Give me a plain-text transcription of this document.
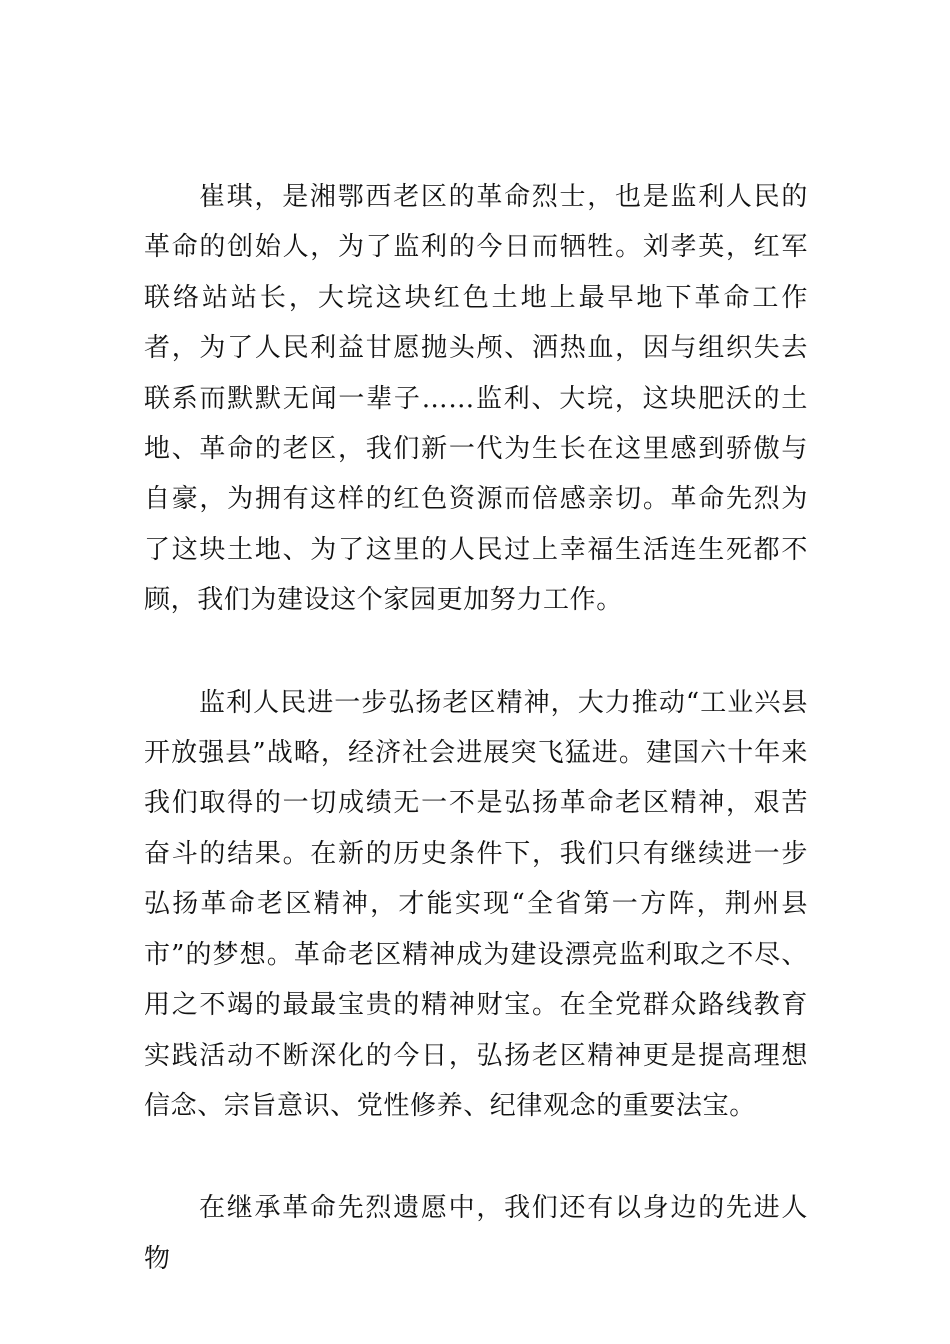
崔琪，是湘鄂西老区的革命烈士，也是监利人民的革命的创始人，为了监利的今日而牺牲。刘孝英，红军联络站站长，大垸这块红色土地上最早地下革命工作者，为了人民利益甘愿抛头颅、洒热血，因与组织失去联系而默默无闻一辈子……监利、大垸，这块肥沃的土地、革命的老区，我们新一代为生长在这里感到骄傲与自豪，为拥有这样的红色资源而倍感亲切。革命先烈为了这块土地、为了这里的人民过上幸福生活连生死都不顾，我们为建设这个家园更加努力工作。

监利人民进一步弘扬老区精神，大力推动“工业兴县开放强县”战略，经济社会进展突飞猛进。建国六十年来我们取得的一切成绩无一不是弘扬革命老区精神，艰苦奋斗的结果。在新的历史条件下，我们只有继续进一步弘扬革命老区精神，才能实现“全省第一方阵，荆州县市”的梦想。革命老区精神成为建设漂亮监利取之不尽、用之不竭的最最宝贵的精神财宝。在全党群众路线教育实践活动不断深化的今日，弘扬老区精神更是提高理想信念、宗旨意识、党性修养、纪律观念的重要法宝。

在继承革命先烈遗愿中，我们还有以身边的先进人物
